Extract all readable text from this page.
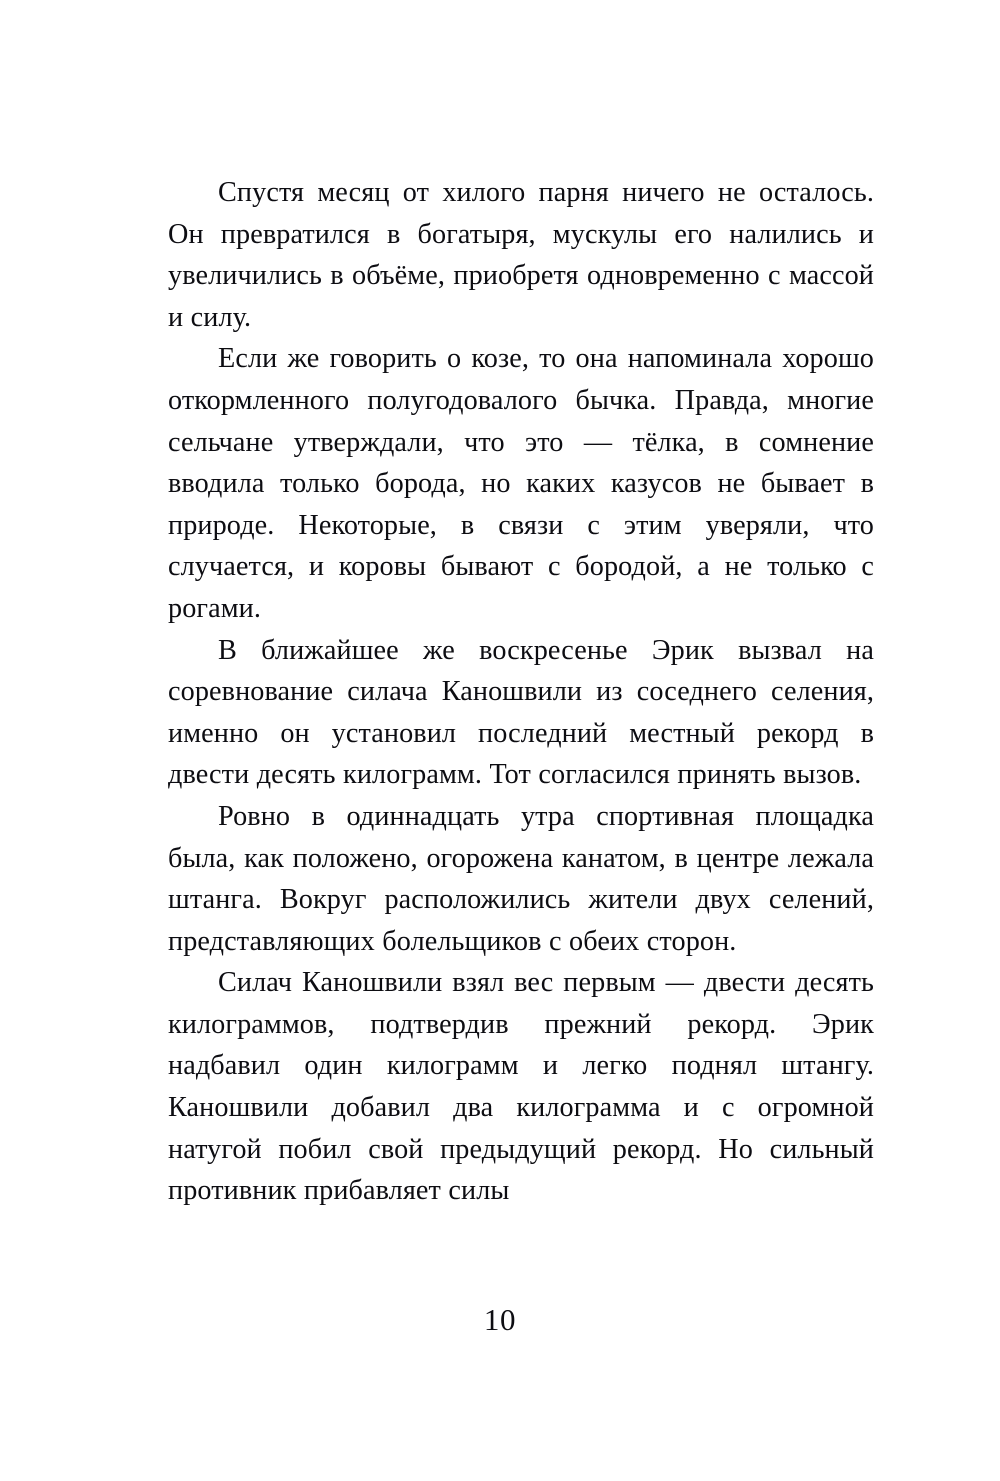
Спустя месяц от хилого парня ничего не осталось. Он превратился в богатыря, мускулы его налились и увеличились в объёме, приобретя одновременно с массой и силу.

Если же говорить о козе, то она напоминала хорошо откормленного полугодовалого бычка. Правда, многие сельчане утверждали, что это — тёлка, в сомнение вводила только борода, но каких казусов не бывает в природе. Некоторые, в связи с этим уверяли, что случается, и коровы бывают с бородой, а не только с рогами.

В ближайшее же воскресенье Эрик вызвал на соревнование силача Каношвили из соседнего селения, именно он установил последний местный рекорд в двести десять килограмм. Тот согласился принять вызов.

Ровно в одиннадцать утра спортивная площадка была, как положено, огорожена канатом, в центре лежала штанга. Вокруг расположились жители двух селений, представляющих болельщиков с обеих сторон.

Силач Каношвили взял вес первым — двести десять килограммов, подтвердив прежний рекорд. Эрик надбавил один килограмм и легко поднял штангу. Каношвили добавил два килограмма и с огромной натугой побил свой предыдущий рекорд. Но сильный противник прибавляет силы

10
